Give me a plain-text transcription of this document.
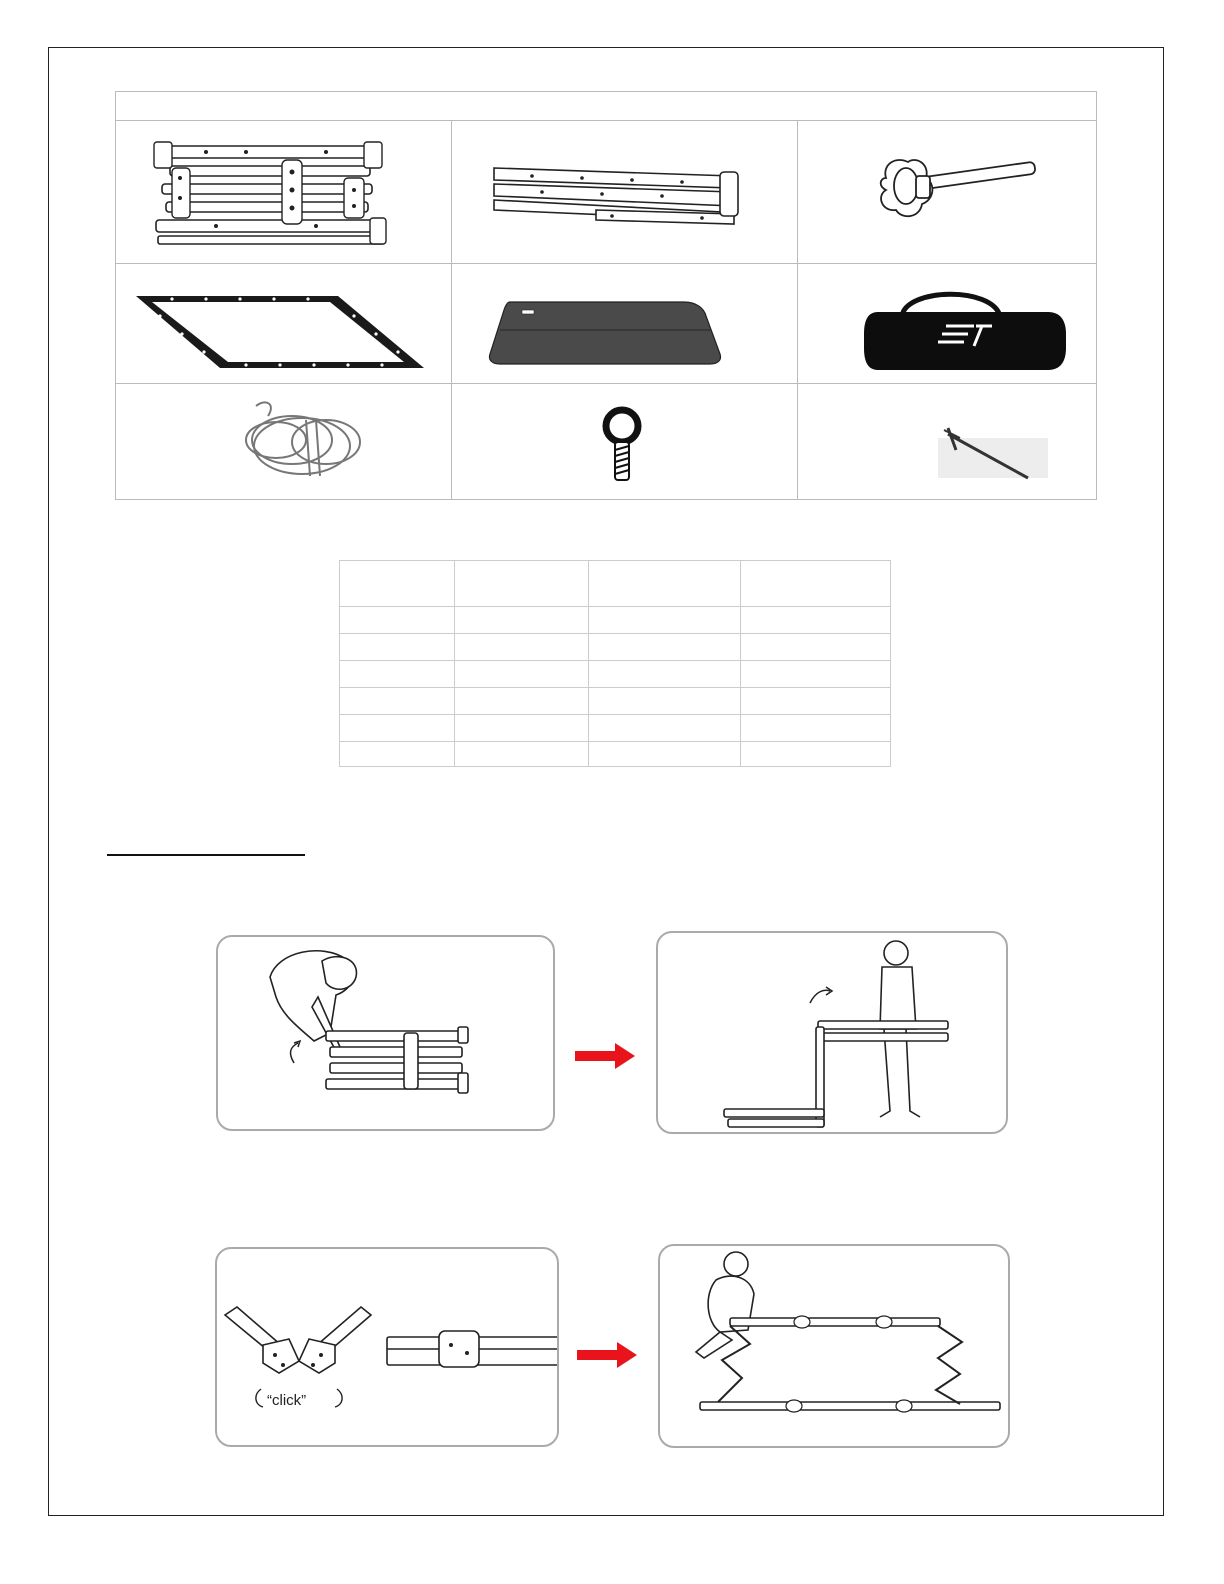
“click”
